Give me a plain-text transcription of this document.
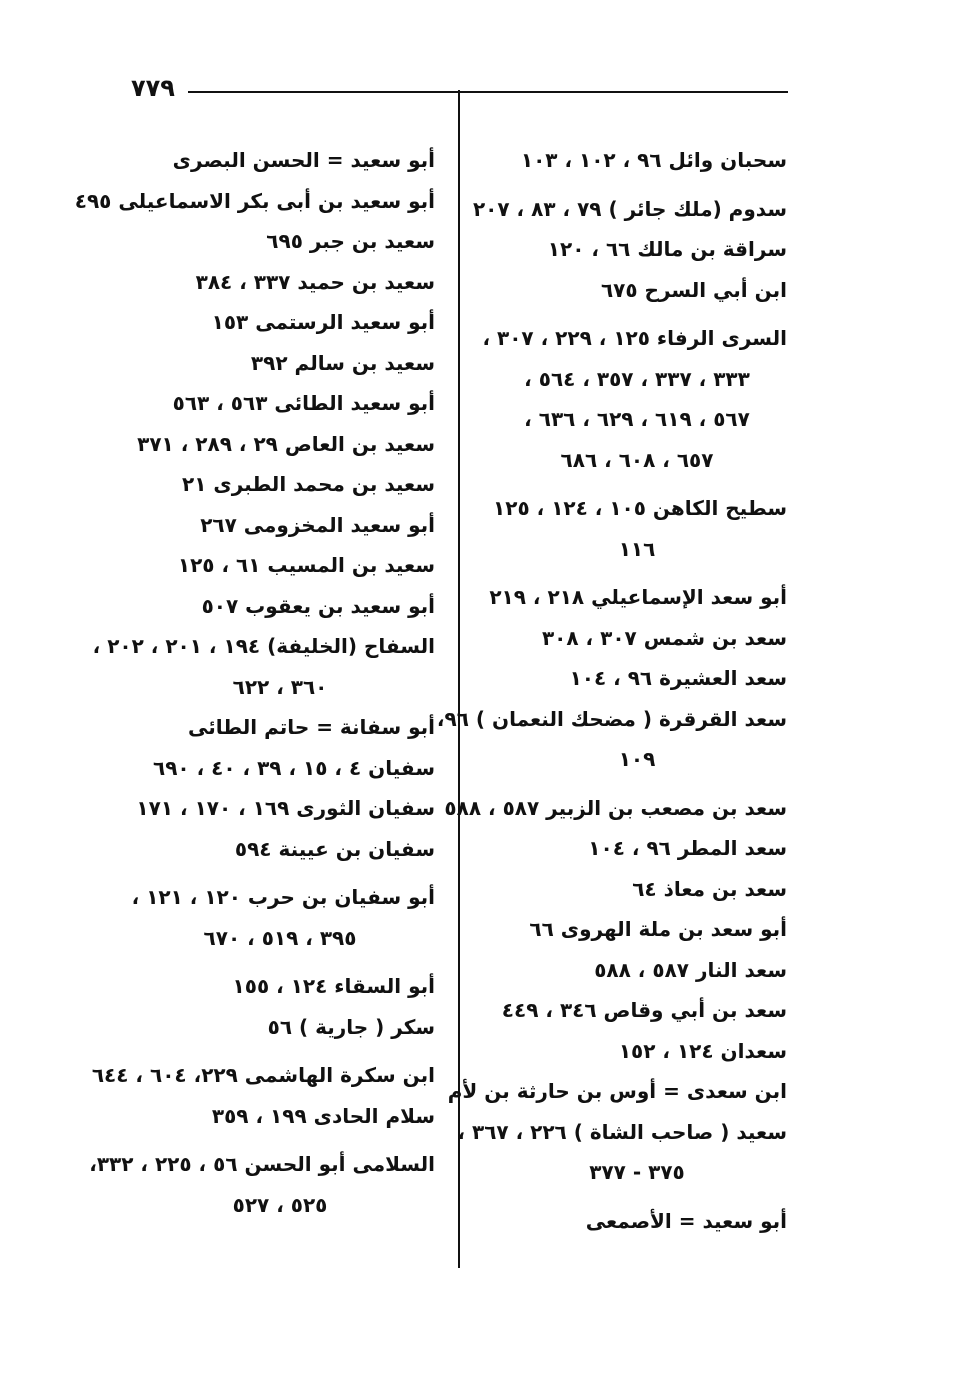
٧٧٩
سحبان وائل ٩٦ ، ١٠٢ ، ١٠٣
سدوم (ملك جائر ) ٧٩ ، ٨٣ ، ٢٠٧
سراقة بن مالك ٦٦ ، ١٢٠
ابن أبي السرح ٦٧٥
السرى الرفاء ١٢٥ ، ٢٢٩ ، ٣٠٧ ،
٣٣٣ ، ٣٣٧ ، ٣٥٧ ، ٥٦٤ ،
٥٦٧ ، ٦١٩ ، ٦٢٩ ، ٦٣٦ ،
٦٥٧ ، ٦٠٨ ، ٦٨٦
سطيح الكاهن ١٠٥ ، ١٢٤ ، ١٢٥
١١٦
أبو سعد الإسماعيلي ٢١٨ ، ٢١٩
سعد بن شمس ٣٠٧ ، ٣٠٨
سعد العشيرة ٩٦ ، ١٠٤
سعد القرقرة ( مضحك النعمان ) ٩٦،
١٠٩
سعد بن مصعب بن الزبير ٥٨٧ ، ٥٨٨
سعد المطر ٩٦ ، ١٠٤
سعد بن معاذ ٦٤
أبو سعد بن ملة الهروى ٦٦
سعد النار ٥٨٧ ، ٥٨٨
سعد بن أبي وقاص ٣٤٦ ، ٤٤٩
سعدان ١٢٤ ، ١٥٢
ابن سعدى = أوس بن حارثة بن لأم
سعيد ( صاحب الشاة ) ٢٢٦ ، ٣٦٧ ،
٣٧٥ - ٣٧٧
أبو سعيد = الأصمعى
أبو سعيد = الحسن البصرى
أبو سعيد بن أبى بكر الاسماعيلى ٤٩٥
سعيد بن جبر ٦٩٥
سعيد بن حميد ٣٣٧ ، ٣٨٤
أبو سعيد الرستمى ١٥٣
سعيد بن سالم ٣٩٢
أبو سعيد الطائى ٥٦٣ ، ٥٦٣
سعيد بن العاص ٢٩ ، ٢٨٩ ، ٣٧١
سعيد بن محمد الطبرى ٢١
أبو سعيد المخزومى ٢٦٧
سعيد بن المسيب ٦١ ، ١٢٥
أبو سعيد بن يعقوب ٥٠٧
السفاح (الخليفة) ١٩٤ ، ٢٠١ ، ٢٠٢ ،
٣٦٠ ، ٦٢٢
أبو سفانة = حاتم الطائى
سفيان ٤ ، ١٥ ، ٣٩ ، ٤٠ ، ٦٩٠
سفيان الثورى ١٦٩ ، ١٧٠ ، ١٧١
سفيان بن عيينة ٥٩٤
أبو سفيان بن حرب ١٢٠ ، ١٢١ ،
٣٩٥ ، ٥١٩ ، ٦٧٠
أبو السقاء ١٢٤ ، ١٥٥
سكر ( جارية ) ٥٦
ابن سكرة الهاشمى ٢٢٩، ٦٠٤ ، ٦٤٤
سلام الحادى ١٩٩ ، ٣٥٩
السلامى أبو الحسن ٥٦ ، ٢٢٥ ، ٣٣٢،
٥٢٥ ، ٥٢٧
